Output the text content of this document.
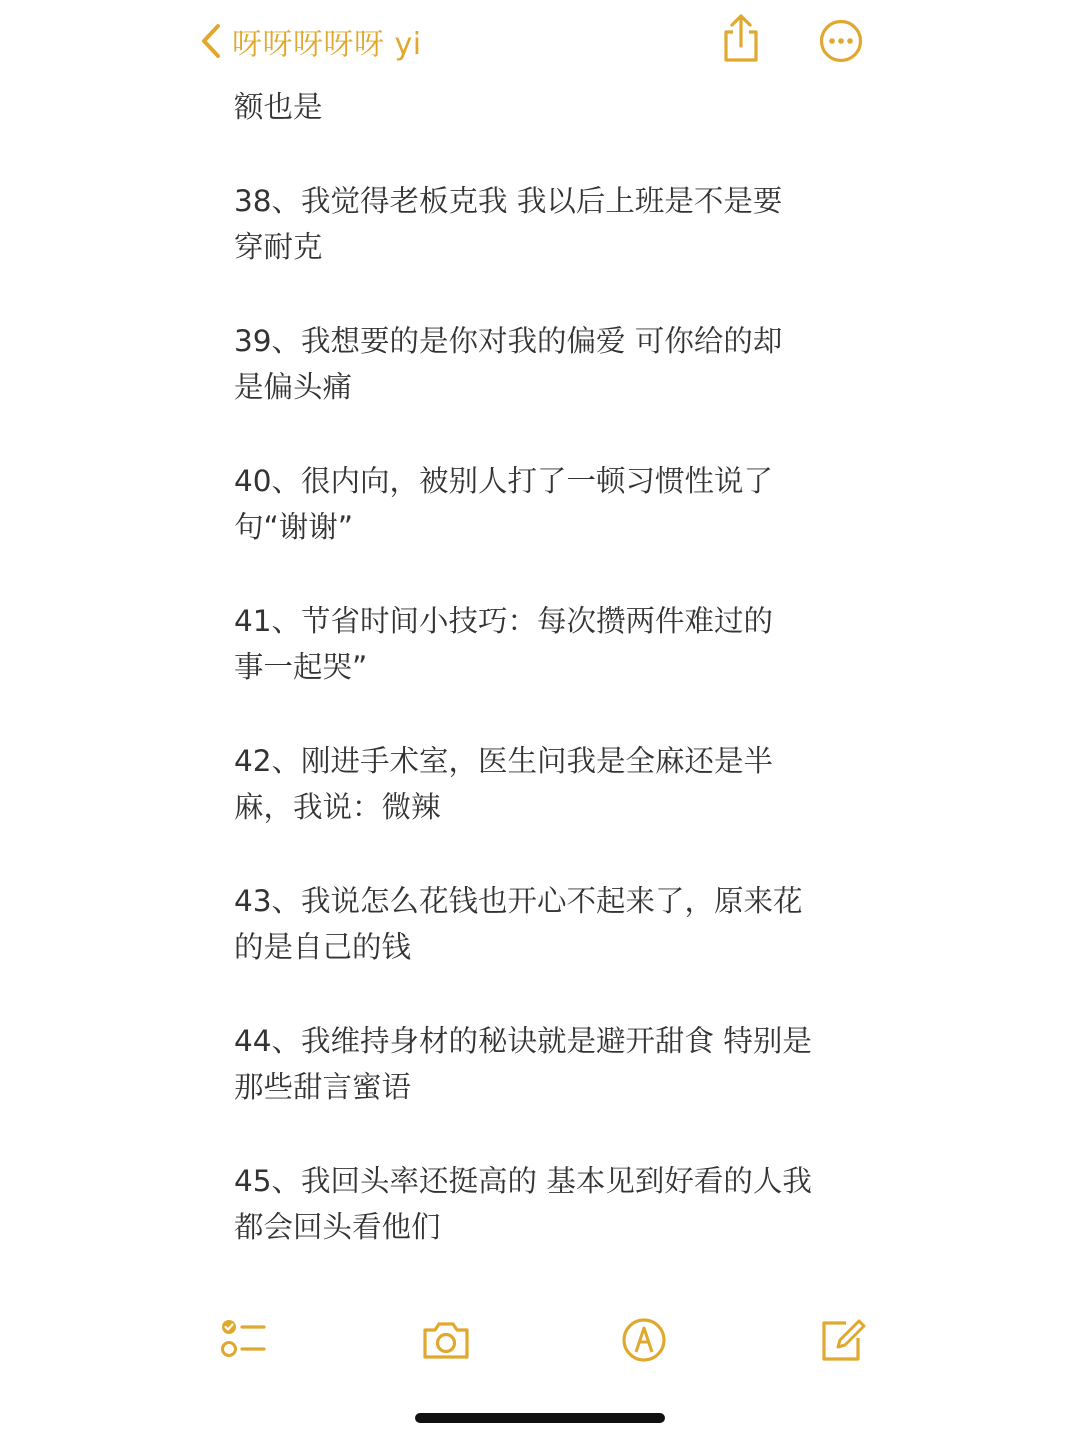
呀呀呀呀呀 yi
额也是
38、我觉得老板克我 我以后上班是不是要
穿耐克
39、我想要的是你对我的偏爱 可你给的却
是偏头痛
40、很内向，被别人打了一顿习惯性说了
句“谢谢”
41、节省时间小技巧：每次攒两件难过的
事一起哭”
42、刚进手术室，医生问我是全麻还是半
麻，我说：微辣
43、我说怎么花钱也开心不起来了，原来花
的是自己的钱
44、我维持身材的秘诀就是避开甜食 特别是
那些甜言蜜语
45、我回头率还挺高的 基本见到好看的人我
都会回头看他们
